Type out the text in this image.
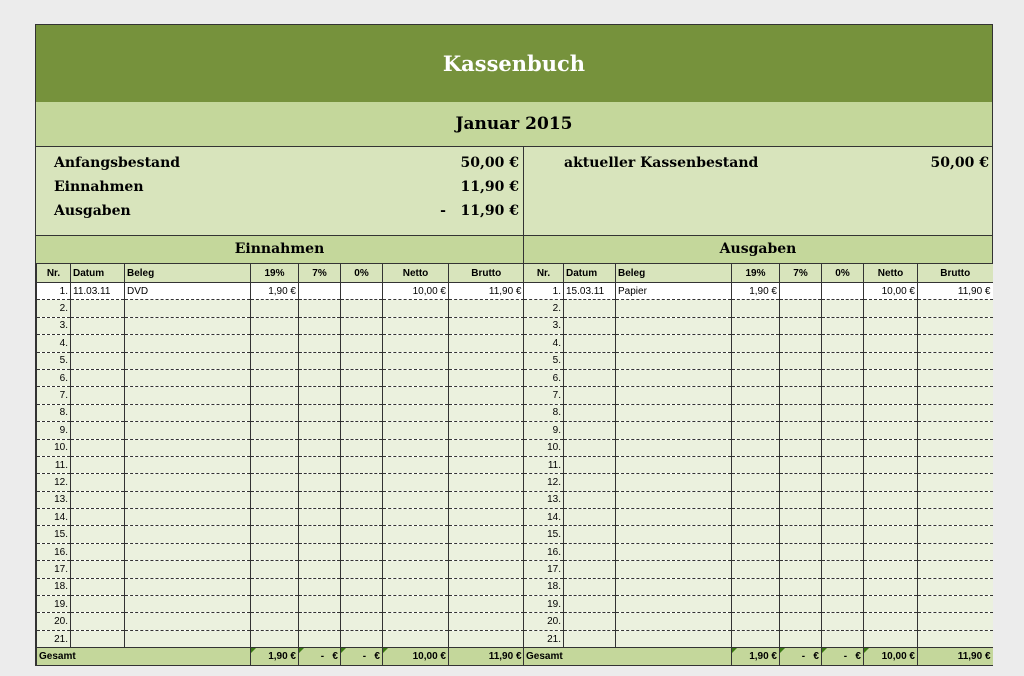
Kassenbuch
Januar 2015
Anfangsbestand	50,00 €
Einnahmen	11,90 €
Ausgaben	-   11,90 €
aktueller Kassenbestand	50,00 €
Einnahmen	Ausgaben
Nr.	Datum	Beleg	19%	7%	0%	Netto	Brutto
1.	11.03.11	DVD	1,90 €			10,00 €	11,90 €
2.							
3.							
4.							
5.							
6.							
7.							
8.							
9.							
10.							
11.							
12.							
13.							
14.							
15.							
16.							
17.							
18.							
19.							
20.							
21.							
Gesamt			1,90 €	-   €	-   €	10,00 €	11,90 €
Nr.	Datum	Beleg	19%	7%	0%	Netto	Brutto
1.	15.03.11	Papier	1,90 €			10,00 €	11,90 €
2.							
3.							
4.							
5.							
6.							
7.							
8.							
9.							
10.							
11.							
12.							
13.							
14.							
15.							
16.							
17.							
18.							
19.							
20.							
21.							
Gesamt			1,90 €	-   €	-   €	10,00 €	11,90 €
